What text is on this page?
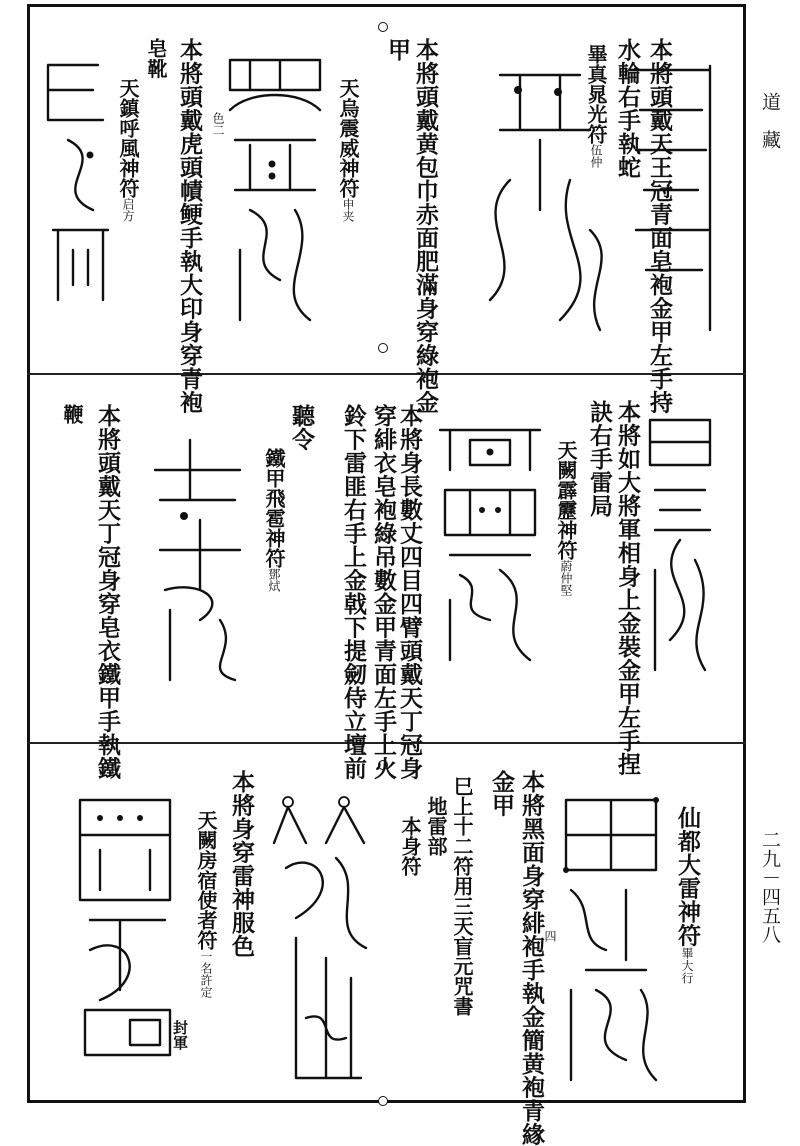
道　藏
二九－四五八
本將頭戴天王冠青面皂袍金甲左手持
水輪右手執蛇
畢真晁光符伍仲
本將頭戴黄包巾赤面肥滿身穿綠袍金
甲
天烏震威神符申夹
色二
本將頭戴虎頭幘鲠手執大印身穿青袍
皂靴
天鎮呼風神符启方
本將如大將軍相身上金裝金甲左手捏
訣右手雷局
天闕霹靂神符蔚仲堅
本將身長數丈四目四臂頭戴天丁冠身
穿緋衣皂袍綠吊數金甲青面左手上火
鈴下雷匪右手上金戟下提劒侍立壇前
聽令
鐵甲飛雹神符鄧烒
本將頭戴天丁冠身穿皂衣鐵甲手執鐵
鞭
仙都大雷神符畢大行
本將黑面身穿緋袍手執金簡黄袍青緣
金甲
巳上十二符用三天盲元咒書
地雷部
本身符
四
本將身穿雷神服色
天闕房宿使者符一名許定
封軍
